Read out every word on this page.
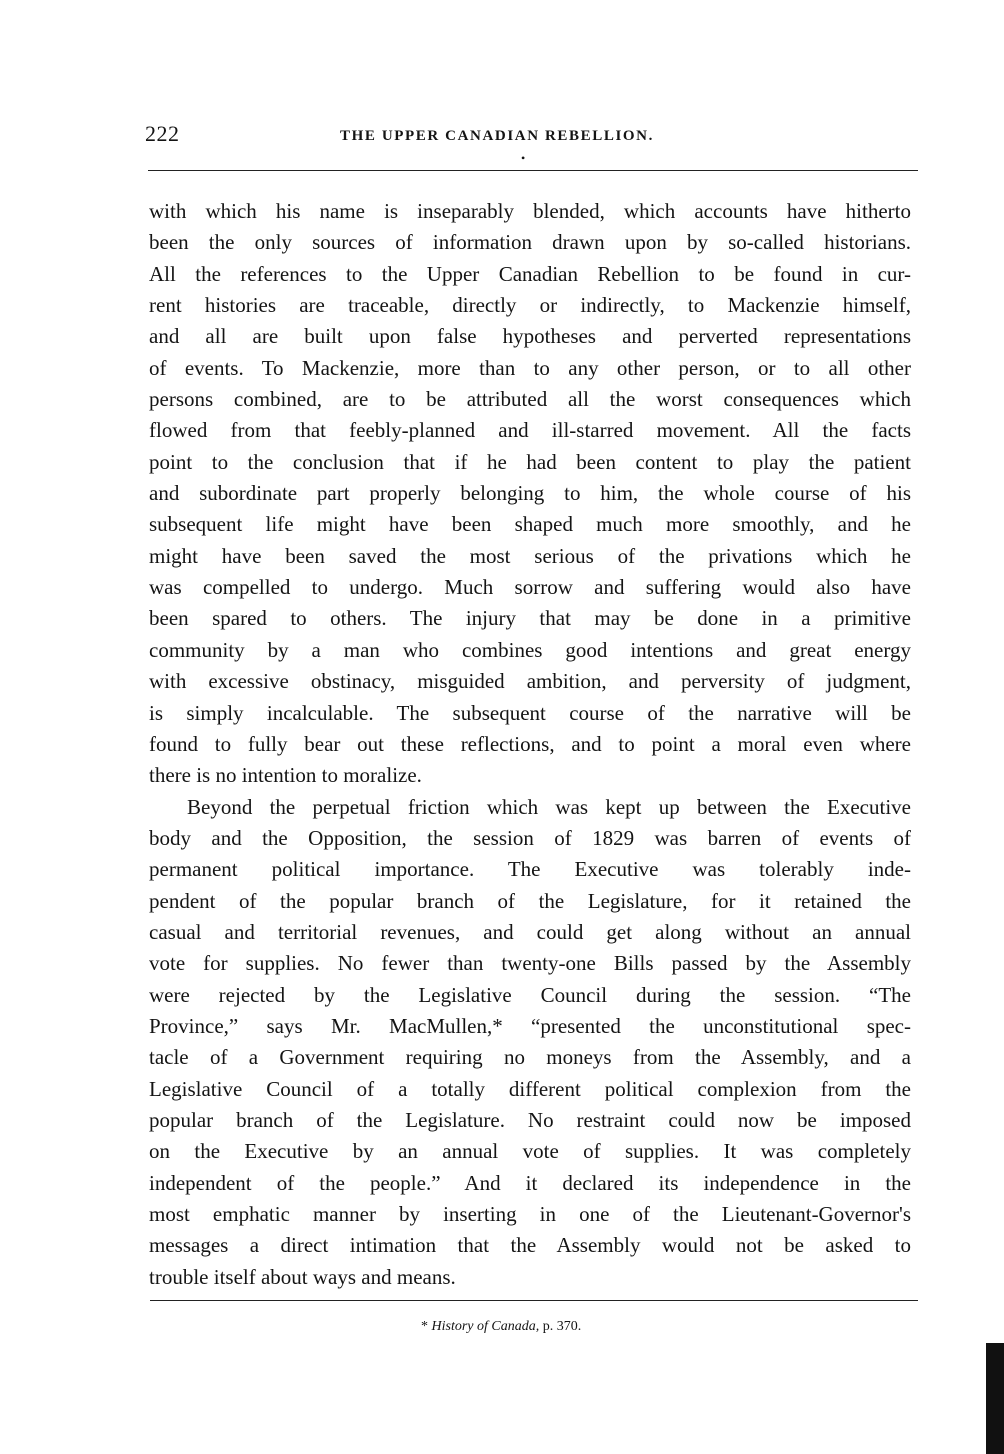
222	THE UPPER CANADIAN REBELLION.
•
with which his name is inseparably blended, which accounts have hitherto
been the only sources of information drawn upon by so-called historians.
All the references to the Upper Canadian Rebellion to be found in cur-
rent histories are traceable, directly or indirectly, to Mackenzie himself,
and all are built upon false hypotheses and perverted representations
of events. To Mackenzie, more than to any other person, or to all other
persons combined, are to be attributed all the worst consequences which
flowed from that feebly-planned and ill-starred movement. All the facts
point to the conclusion that if he had been content to play the patient
and subordinate part properly belonging to him, the whole course of his
subsequent life might have been shaped much more smoothly, and he
might have been saved the most serious of the privations which he
was compelled to undergo. Much sorrow and suffering would also have
been spared to others. The injury that may be done in a primitive
community by a man who combines good intentions and great energy
with excessive obstinacy, misguided ambition, and perversity of judgment,
is simply incalculable. The subsequent course of the narrative will be
found to fully bear out these reflections, and to point a moral even where
there is no intention to moralize.
Beyond the perpetual friction which was kept up between the Executive
body and the Opposition, the session of 1829 was barren of events of
permanent political importance. The Executive was tolerably inde-
pendent of the popular branch of the Legislature, for it retained the
casual and territorial revenues, and could get along without an annual
vote for supplies. No fewer than twenty-one Bills passed by the Assembly
were rejected by the Legislative Council during the session. “The
Province,” says Mr. MacMullen,* “presented the unconstitutional spec-
tacle of a Government requiring no moneys from the Assembly, and a
Legislative Council of a totally different political complexion from the
popular branch of the Legislature. No restraint could now be imposed
on the Executive by an annual vote of supplies. It was completely
independent of the people.” And it declared its independence in the
most emphatic manner by inserting in one of the Lieutenant-Governor's
messages a direct intimation that the Assembly would not be asked to
trouble itself about ways and means.
* History of Canada, p. 370.
